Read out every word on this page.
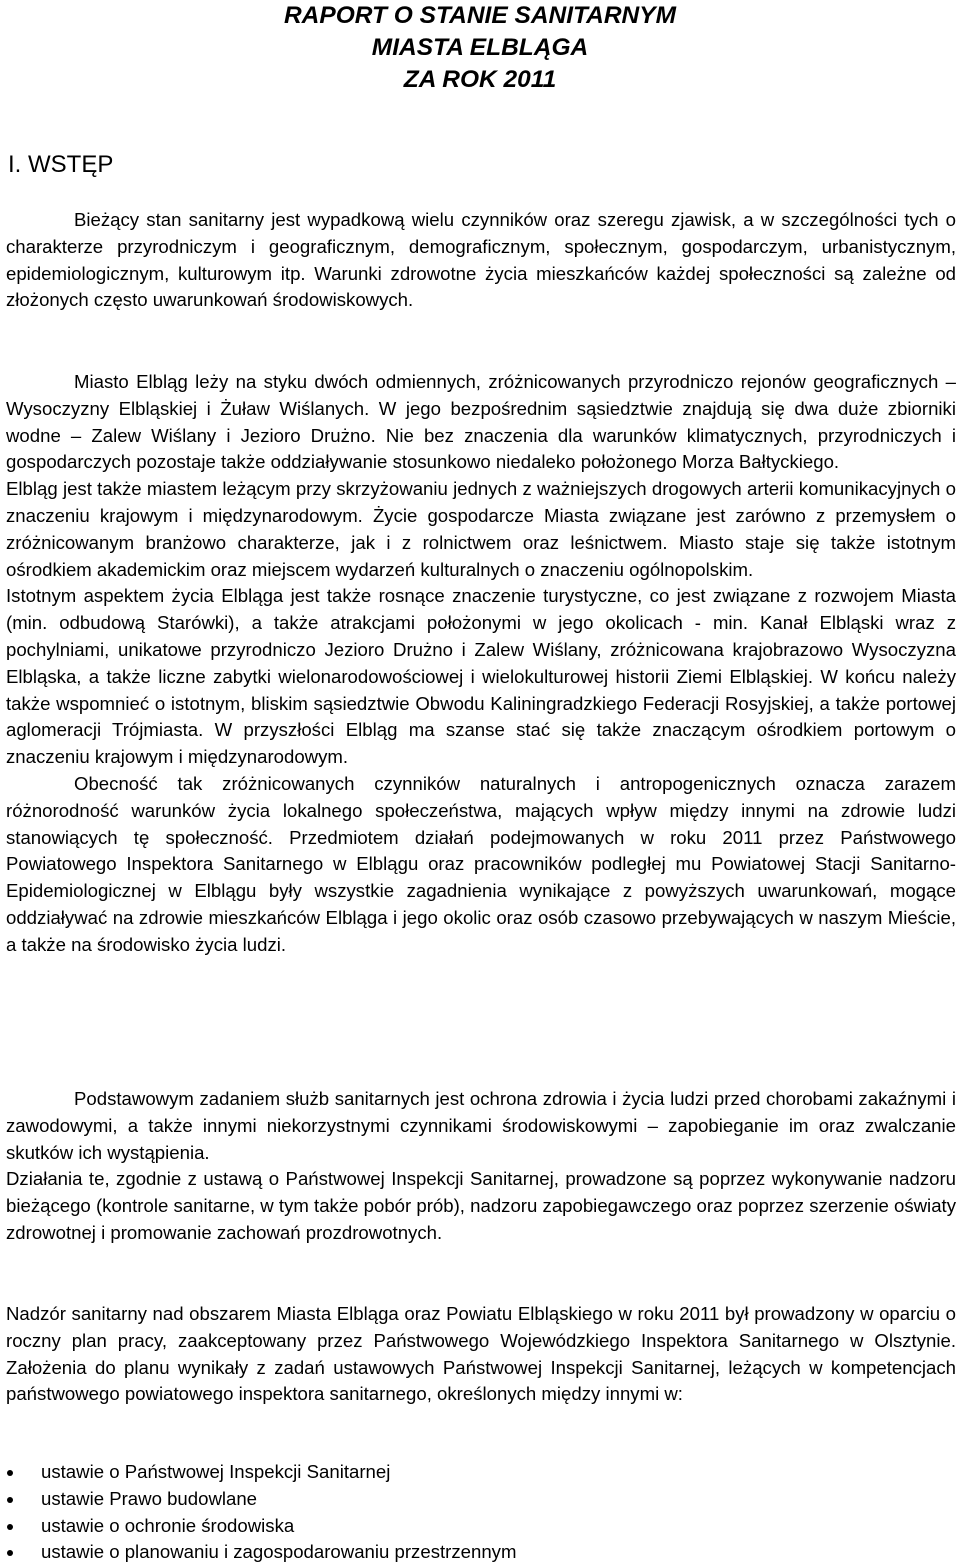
RAPORT O STANIE SANITARNYM
MIASTA ELBLĄGA
ZA ROK 2011
I. WSTĘP

Bieżący stan sanitarny jest wypadkową wielu czynników oraz szeregu zjawisk, a w szczególności tych o charakterze przyrodniczym i geograficznym, demograficznym, społecznym, gospodarczym, urbanistycznym, epidemiologicznym, kulturowym itp. Warunki zdrowotne życia mieszkańców każdej społeczności są zależne od złożonych często uwarunkowań środowiskowych.

Miasto Elbląg leży na styku dwóch odmiennych, zróżnicowanych przyrodniczo rejonów geograficznych – Wysoczyzny Elbląskiej i Żuław Wiślanych. W jego bezpośrednim sąsiedztwie znajdują się dwa duże zbiorniki wodne – Zalew Wiślany i Jezioro Drużno. Nie bez znaczenia dla warunków klimatycznych, przyrodniczych i gospodarczych pozostaje także oddziaływanie stosunkowo niedaleko położonego Morza Bałtyckiego.
Elbląg jest także miastem leżącym przy skrzyżowaniu jednych z ważniejszych drogowych arterii komunikacyjnych o znaczeniu krajowym i międzynarodowym. Życie gospodarcze Miasta związane jest zarówno z przemysłem o zróżnicowanym branżowo charakterze, jak i z rolnictwem oraz leśnictwem. Miasto staje się także istotnym ośrodkiem akademickim oraz miejscem wydarzeń kulturalnych o znaczeniu ogólnopolskim.
Istotnym aspektem życia Elbląga jest także rosnące znaczenie turystyczne, co jest związane z rozwojem Miasta (min. odbudową Starówki), a także atrakcjami położonymi w jego okolicach - min. Kanał Elbląski wraz z pochylniami, unikatowe przyrodniczo Jezioro Drużno i Zalew Wiślany, zróżnicowana krajobrazowo Wysoczyzna Elbląska, a także liczne zabytki wielonarodowościowej i wielokulturowej historii Ziemi Elbląskiej. W końcu należy także wspomnieć o istotnym, bliskim sąsiedztwie Obwodu Kaliningradzkiego Federacji Rosyjskiej, a także portowej aglomeracji Trójmiasta. W przyszłości Elbląg ma szanse stać się także znaczącym ośrodkiem portowym o znaczeniu krajowym i międzynarodowym.
Obecność tak zróżnicowanych czynników naturalnych i antropogenicznych oznacza zarazem różnorodność warunków życia lokalnego społeczeństwa, mających wpływ między innymi na zdrowie ludzi stanowiących tę społeczność. Przedmiotem działań podejmowanych w roku 2011 przez Państwowego Powiatowego Inspektora Sanitarnego w Elblągu oraz pracowników podległej mu Powiatowej Stacji Sanitarno-Epidemiologicznej w Elblągu były wszystkie zagadnienia wynikające z powyższych uwarunkowań, mogące oddziaływać na zdrowie mieszkańców Elbląga i jego okolic oraz osób czasowo przebywających w naszym Mieście, a także na środowisko życia ludzi.
Podstawowym zadaniem służb sanitarnych jest ochrona zdrowia i życia ludzi przed chorobami zakaźnymi i zawodowymi, a także innymi niekorzystnymi czynnikami środowiskowymi – zapobieganie im oraz zwalczanie skutków ich wystąpienia.
Działania te, zgodnie z ustawą o Państwowej Inspekcji Sanitarnej, prowadzone są poprzez wykonywanie nadzoru bieżącego (kontrole sanitarne, w tym także pobór prób), nadzoru zapobiegawczego oraz poprzez szerzenie oświaty zdrowotnej i promowanie zachowań prozdrowotnych.

Nadzór sanitarny nad obszarem Miasta Elbląga oraz Powiatu Elbląskiego w roku 2011 był prowadzony w oparciu o roczny plan pracy, zaakceptowany przez Państwowego Wojewódzkiego Inspektora Sanitarnego w Olsztynie. Założenia do planu wynikały z zadań ustawowych Państwowej Inspekcji Sanitarnej, leżących w kompetencjach państwowego powiatowego inspektora sanitarnego, określonych między innymi w:

ustawie o Państwowej Inspekcji Sanitarnej
ustawie Prawo budowlane
ustawie o ochronie środowiska
ustawie o planowaniu i zagospodarowaniu przestrzennym
